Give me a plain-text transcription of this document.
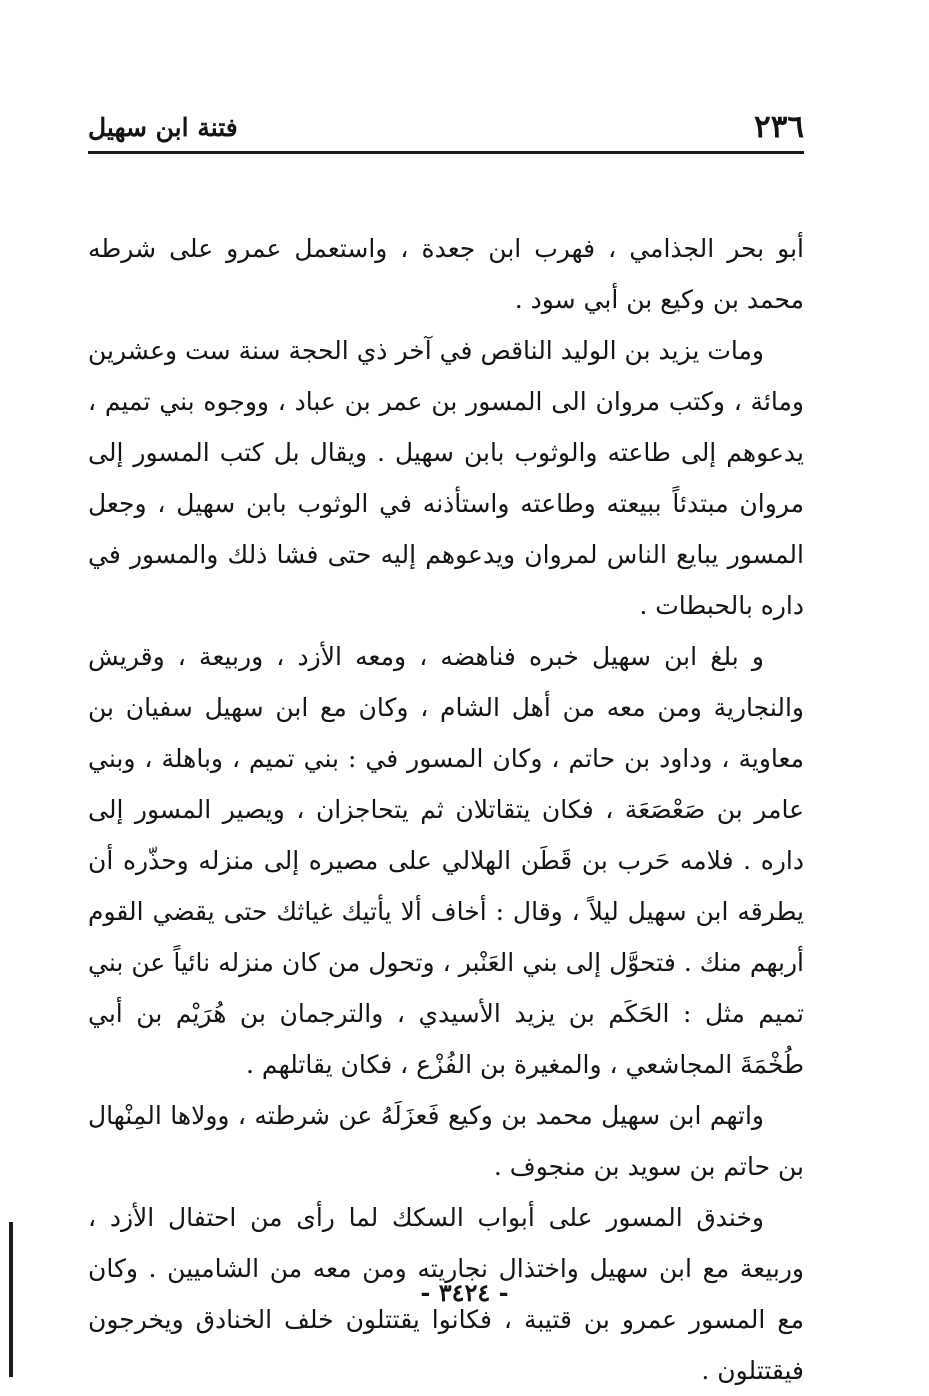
٢٣٦
فتنة ابن سهيل

أبو بحر الجذامي ، فهرب ابن جعدة ، واستعمل عمرو على شرطه محمد بن وكيع بن أبي سود .

ومات يزيد بن الوليد الناقص في آخر ذي الحجة سنة ست وعشرين ومائة ، وكتب مروان الى المسور بن عمر بن عباد ، ووجوه بني تميم ، يدعوهم إلى طاعته والوثوب بابن سهيل . ويقال بل كتب المسور إلى مروان مبتدئاً ببيعته وطاعته واستأذنه في الوثوب بابن سهيل ، وجعل المسور يبايع الناس لمروان ويدعوهم إليه حتى فشا ذلك والمسور في داره بالحبطات .

و بلغ ابن سهيل خبره فناهضه ، ومعه الأزد ، وربيعة ، وقريش والنجارية ومن معه من أهل الشام ، وكان مع ابن سهيل سفيان بن معاوية ، وداود بن حاتم ، وكان المسور في : بني تميم ، وباهلة ، وبني عامر بن صَعْصَعَة ، فكان يتقاتلان ثم يتحاجزان ، ويصير المسور إلى داره . فلامه حَرب بن قَطَن الهلالي على مصيره إلى منزله وحذّره أن يطرقه ابن سهيل ليلاً ، وقال : أخاف ألا يأتيك غياثك حتى يقضي القوم أربهم منك . فتحوَّل إلى بني العَنْبر ، وتحول من كان منزله نائياً عن بني تميم مثل : الحَكَم بن يزيد الأسيدي ، والترجمان بن هُرَيْم بن أبي طُخْمَةَ المجاشعي ، والمغيرة بن الفُزْع ، فكان يقاتلهم .

واتهم ابن سهيل محمد بن وكيع فَعزَلَهُ عن شرطته ، وولاها المِنْهال بن حاتم بن سويد بن منجوف .

وخندق المسور على أبواب السكك لما رأى من احتفال الأزد ، وربيعة مع ابن سهيل واختذال نجاريته ومن معه من الشاميين . وكان مع المسور عمرو بن قتيبة ، فكانوا يقتتلون خلف الخنادق ويخرجون فيقتتلون .

- ٣٤٢٤ -
